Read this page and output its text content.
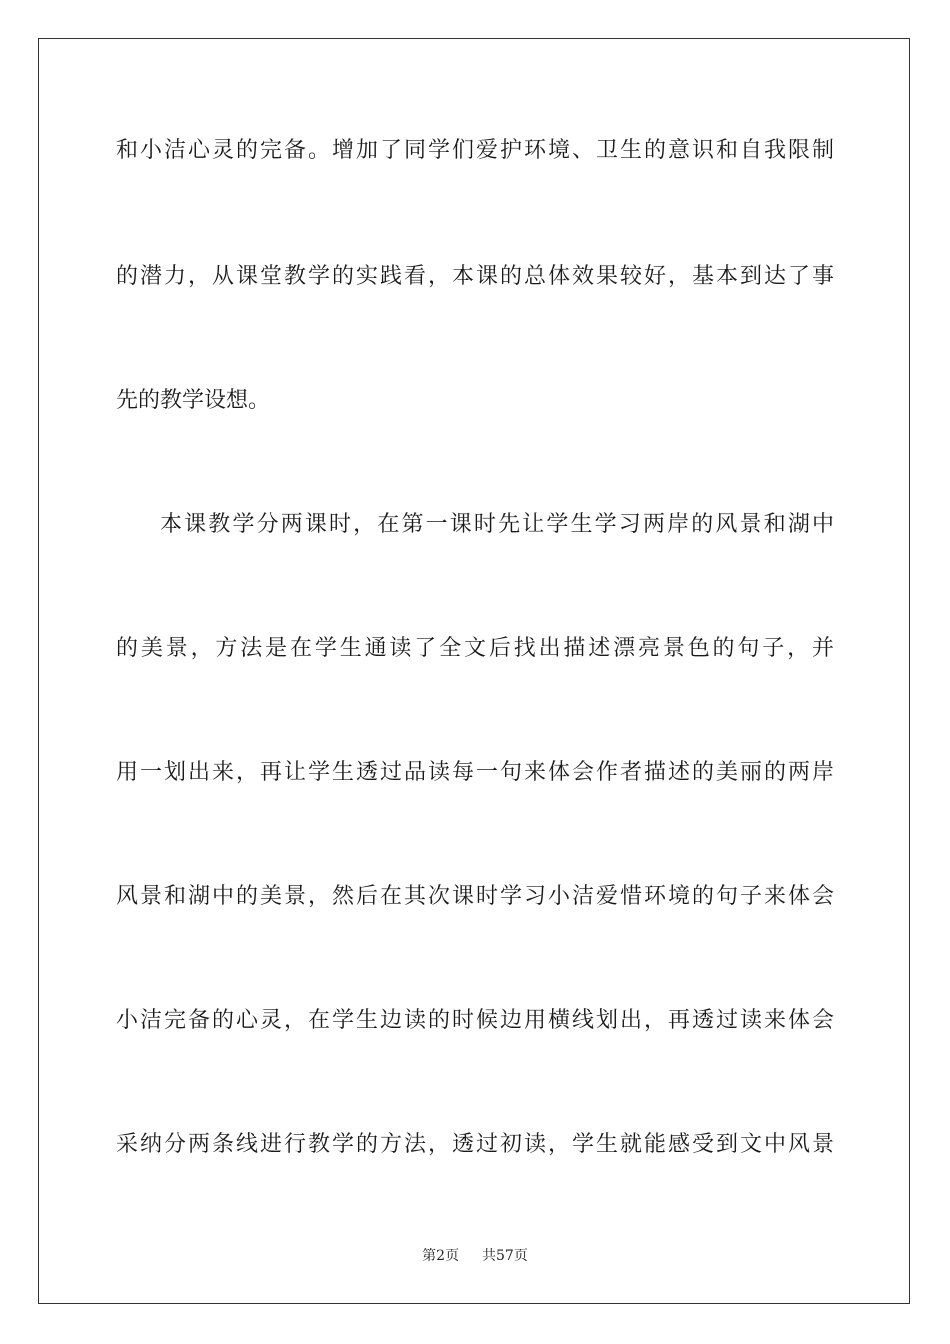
和小洁心灵的完备。增加了同学们爱护环境、卫生的意识和自我限制
的潜力，从课堂教学的实践看，本课的总体效果较好，基本到达了事
先的教学设想。
本课教学分两课时，在第一课时先让学生学习两岸的风景和湖中
的美景，方法是在学生通读了全文后找出描述漂亮景色的句子，并
用一划出来，再让学生透过品读每一句来体会作者描述的美丽的两岸
风景和湖中的美景，然后在其次课时学习小洁爱惜环境的句子来体会
小洁完备的心灵，在学生边读的时候边用横线划出，再透过读来体会
采纳分两条线进行教学的方法，透过初读，学生就能感受到文中风景
第2页 共57页
